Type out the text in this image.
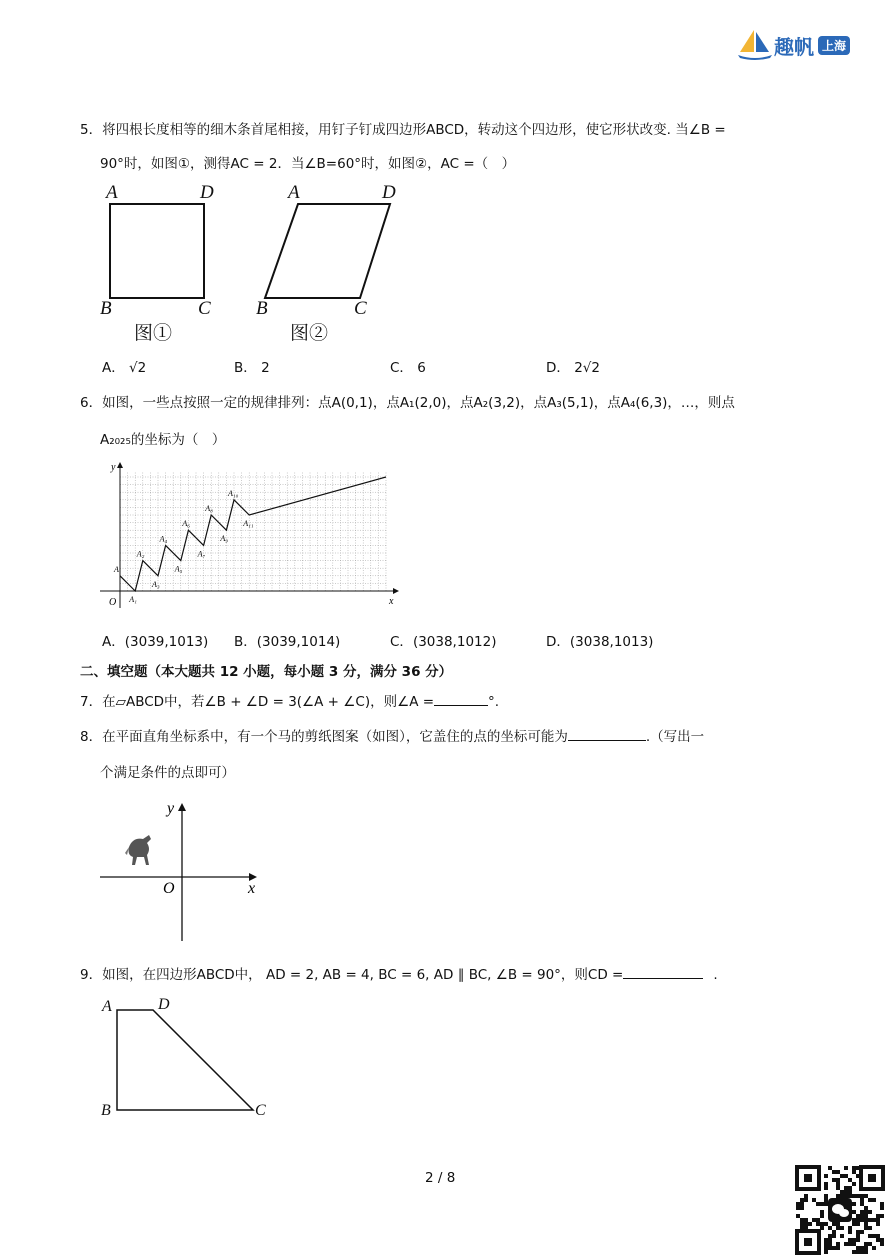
趣帆 上海
5．将四根长度相等的细木条首尾相接，用钉子钉成四边形ABCD，转动这个四边形，使它形状改变. 当∠B =
90°时，如图①，测得AC = 2．当∠B=60°时，如图②，AC =（　）
A	D
B	C
图①
A	D
B	C
图②
A． √2	B． 2	C． 6	D． 2√2
6．如图，一些点按照一定的规律排列：点A(0,1)，点A₁(2,0)，点A₂(3,2)，点A₃(5,1)，点A₄(6,3)，…，则点
A₂₀₂₅的坐标为（　）
x
y
O
A
A₁
A₂
A₃
A₄
A₅
A₆
A₇
A₈
A₉
A₁₀
A₁₁
A．(3039,1013) B．(3039,1014)	C．(3038,1012)	D．(3038,1013)
二、填空题（本大题共 12 小题，每小题 3 分，满分 36 分）
7．在▱ABCD中，若∠B + ∠D = 3(∠A + ∠C)，则∠A =	°.
8．在平面直角坐标系中，有一个马的剪纸图案（如图），它盖住的点的坐标可能为	.（写出一
个满足条件的点即可）
y
x
O
9．如图，在四边形ABCD中， AD = 2, AB = 4, BC = 6, AD ∥ BC, ∠B = 90°，则CD =	.
A	D
B	C
2 / 8
